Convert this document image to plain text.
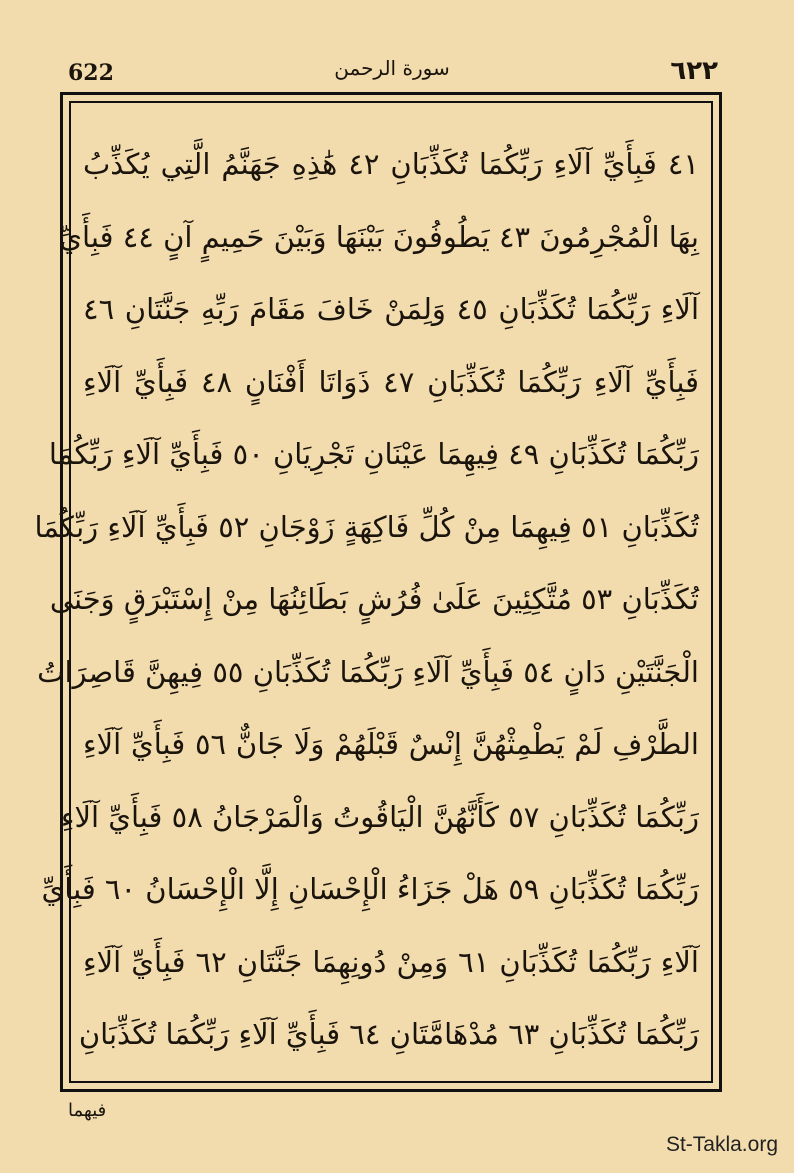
622	سورة الرحمن	٦٢٢
٤١ فَبِأَيِّ آلَاءِ رَبِّكُمَا تُكَذِّبَانِ ٤٢ هَٰذِهِ جَهَنَّمُ الَّتِي يُكَذِّبُ
بِهَا الْمُجْرِمُونَ ٤٣ يَطُوفُونَ بَيْنَهَا وَبَيْنَ حَمِيمٍ آنٍ ٤٤ فَبِأَيِّ
آلَاءِ رَبِّكُمَا تُكَذِّبَانِ ٤٥ وَلِمَنْ خَافَ مَقَامَ رَبِّهِ جَنَّتَانِ ٤٦
فَبِأَيِّ آلَاءِ رَبِّكُمَا تُكَذِّبَانِ ٤٧ ذَوَاتَا أَفْنَانٍ ٤٨ فَبِأَيِّ آلَاءِ
رَبِّكُمَا تُكَذِّبَانِ ٤٩ فِيهِمَا عَيْنَانِ تَجْرِيَانِ ٥٠ فَبِأَيِّ آلَاءِ رَبِّكُمَا
تُكَذِّبَانِ ٥١ فِيهِمَا مِنْ كُلِّ فَاكِهَةٍ زَوْجَانِ ٥٢ فَبِأَيِّ آلَاءِ رَبِّكُمَا
تُكَذِّبَانِ ٥٣ مُتَّكِئِينَ عَلَىٰ فُرُشٍ بَطَائِنُهَا مِنْ إِسْتَبْرَقٍ وَجَنَى
الْجَنَّتَيْنِ دَانٍ ٥٤ فَبِأَيِّ آلَاءِ رَبِّكُمَا تُكَذِّبَانِ ٥٥ فِيهِنَّ قَاصِرَاتُ
الطَّرْفِ لَمْ يَطْمِثْهُنَّ إِنْسٌ قَبْلَهُمْ وَلَا جَانٌّ ٥٦ فَبِأَيِّ آلَاءِ
رَبِّكُمَا تُكَذِّبَانِ ٥٧ كَأَنَّهُنَّ الْيَاقُوتُ وَالْمَرْجَانُ ٥٨ فَبِأَيِّ آلَاءِ
رَبِّكُمَا تُكَذِّبَانِ ٥٩ هَلْ جَزَاءُ الْإِحْسَانِ إِلَّا الْإِحْسَانُ ٦٠ فَبِأَيِّ
آلَاءِ رَبِّكُمَا تُكَذِّبَانِ ٦١ وَمِنْ دُونِهِمَا جَنَّتَانِ ٦٢ فَبِأَيِّ آلَاءِ
رَبِّكُمَا تُكَذِّبَانِ ٦٣ مُدْهَامَّتَانِ ٦٤ فَبِأَيِّ آلَاءِ رَبِّكُمَا تُكَذِّبَانِ
فيهما
St-Takla.org
